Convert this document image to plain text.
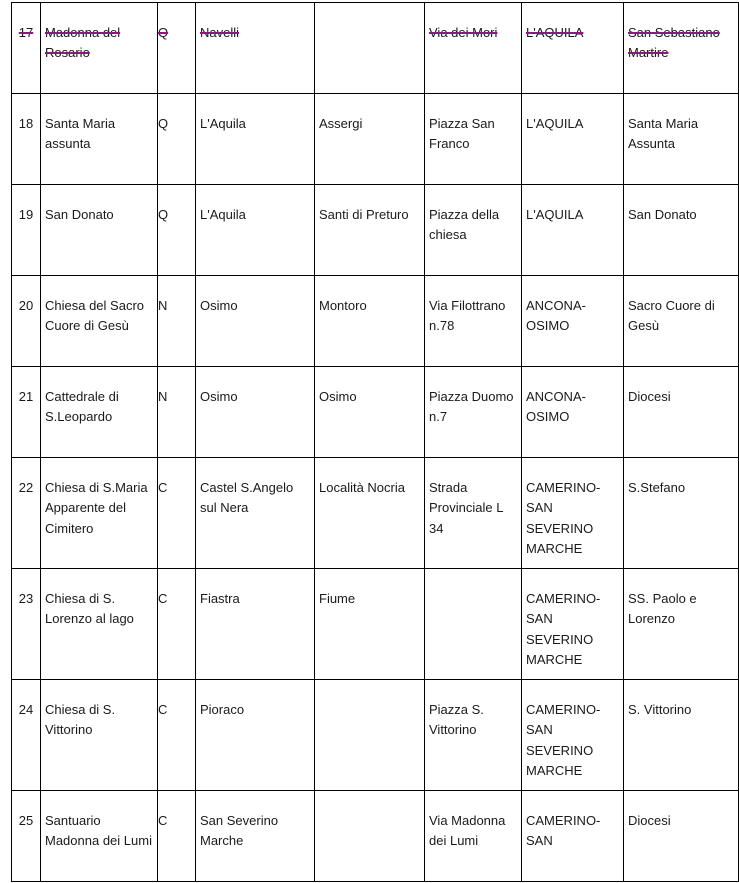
17	Madonna del Rosario	Q	Navelli		Via dei Mori	L'AQUILA	San Sebastiano Martire
18	Santa Maria assunta	Q	L'Aquila	Assergi	Piazza San Franco	L'AQUILA	Santa Maria Assunta
19	San Donato	Q	L'Aquila	Santi di Preturo	Piazza della chiesa	L'AQUILA	San Donato
20	Chiesa del Sacro Cuore di Gesù	N	Osimo	Montoro	Via Filottrano n.78	ANCONA-OSIMO	Sacro Cuore di Gesù
21	Cattedrale di S.Leopardo	N	Osimo	Osimo	Piazza Duomo n.7	ANCONA-OSIMO	Diocesi
22	Chiesa di S.Maria Apparente del Cimitero	C	Castel S.Angelo sul Nera	Località Nocria	Strada Provinciale L 34	CAMERINO-SAN SEVERINO MARCHE	S.Stefano
23	Chiesa di S. Lorenzo al lago	C	Fiastra	Fiume		CAMERINO-SAN SEVERINO MARCHE	SS. Paolo e Lorenzo
24	Chiesa di S. Vittorino	C	Pioraco		Piazza S. Vittorino	CAMERINO-SAN SEVERINO MARCHE	S. Vittorino
25	Santuario Madonna dei Lumi	C	San Severino Marche		Via Madonna dei Lumi	CAMERINO-SAN	Diocesi
